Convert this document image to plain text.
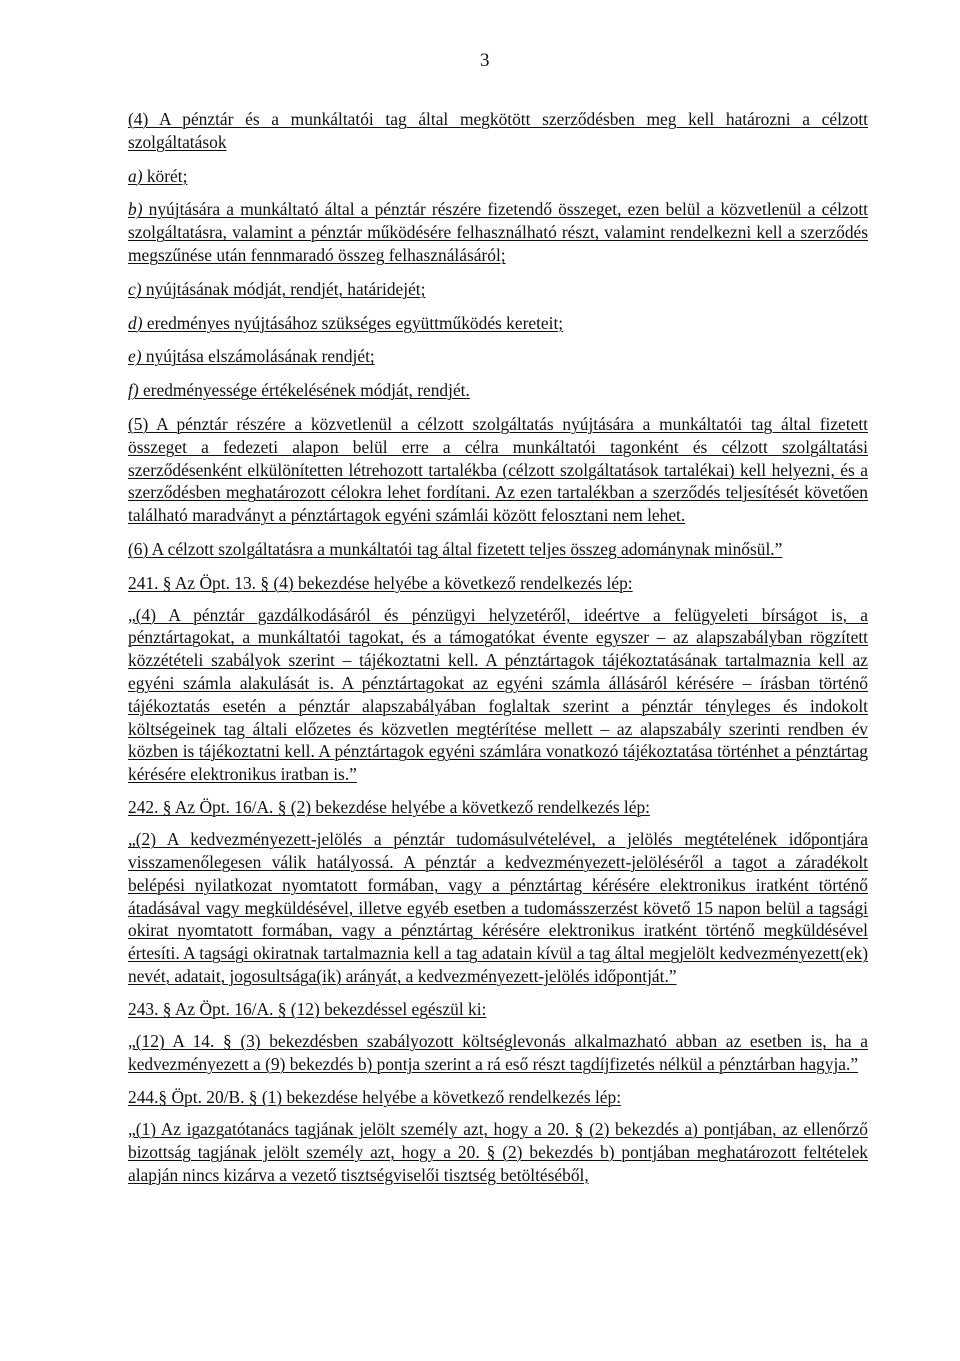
3

(4) A pénztár és a munkáltatói tag által megkötött szerződésben meg kell határozni a célzott szolgáltatások

a) körét;

b) nyújtására a munkáltató által a pénztár részére fizetendő összeget, ezen belül a közvetlenül a célzott szolgáltatásra, valamint a pénztár működésére felhasználható részt, valamint rendelkezni kell a szerződés megszűnése után fennmaradó összeg felhasználásáról;

c) nyújtásának módját, rendjét, határidejét;

d) eredményes nyújtásához szükséges együttműködés kereteit;

e) nyújtása elszámolásának rendjét;

f) eredményessége értékelésének módját, rendjét.

(5) A pénztár részére a közvetlenül a célzott szolgáltatás nyújtására a munkáltatói tag által fizetett összeget a fedezeti alapon belül erre a célra munkáltatói tagonként és célzott szolgáltatási szerződésenként elkülönítetten létrehozott tartalékba (célzott szolgáltatások tartalékai) kell helyezni, és a szerződésben meghatározott célokra lehet fordítani. Az ezen tartalékban a szerződés teljesítését követően található maradványt a pénztártagok egyéni számlái között felosztani nem lehet.

(6) A célzott szolgáltatásra a munkáltatói tag által fizetett teljes összeg adománynak minősül.”

241. § Az Öpt. 13. § (4) bekezdése helyébe a következő rendelkezés lép:

„(4) A pénztár gazdálkodásáról és pénzügyi helyzetéről, ideértve a felügyeleti bírságot is, a pénztártagokat, a munkáltatói tagokat, és a támogatókat évente egyszer – az alapszabályban rögzített közzétételi szabályok szerint – tájékoztatni kell. A pénztártagok tájékoztatásának tartalmaznia kell az egyéni számla alakulását is. A pénztártagokat az egyéni számla állásáról kérésére – írásban történő tájékoztatás esetén a pénztár alapszabályában foglaltak szerint a pénztár tényleges és indokolt költségeinek tag általi előzetes és közvetlen megtérítése mellett – az alapszabály szerinti rendben év közben is tájékoztatni kell. A pénztártagok egyéni számlára vonatkozó tájékoztatása történhet a pénztártag kérésére elektronikus iratban is.”

242. § Az Öpt. 16/A. § (2) bekezdése helyébe a következő rendelkezés lép:

„(2) A kedvezményezett-jelölés a pénztár tudomásulvételével, a jelölés megtételének időpontjára visszamenőlegesen válik hatályossá. A pénztár a kedvezményezett-jelöléséről a tagot a záradékolt belépési nyilatkozat nyomtatott formában, vagy a pénztártag kérésére elektronikus iratként történő átadásával vagy megküldésével, illetve egyéb esetben a tudomásszerzést követő 15 napon belül a tagsági okirat nyomtatott formában, vagy a pénztártag kérésére elektronikus iratként történő megküldésével értesíti. A tagsági okiratnak tartalmaznia kell a tag adatain kívül a tag által megjelölt kedvezményezett(ek) nevét, adatait, jogosultsága(ik) arányát, a kedvezményezett-jelölés időpontját.”

243. § Az Öpt. 16/A. § (12) bekezdéssel egészül ki:

„(12) A 14. § (3) bekezdésben szabályozott költséglevonás alkalmazható abban az esetben is, ha a kedvezményezett a (9) bekezdés b) pontja szerint a rá eső részt tagdíjfizetés nélkül a pénztárban hagyja.”

244.§ Öpt. 20/B. § (1) bekezdése helyébe a következő rendelkezés lép:

„(1) Az igazgatótanács tagjának jelölt személy azt, hogy a 20. § (2) bekezdés a) pontjában, az ellenőrző bizottság tagjának jelölt személy azt, hogy a 20. § (2) bekezdés b) pontjában meghatározott feltételek alapján nincs kizárva a vezető tisztségviselői tisztség betöltéséből,
